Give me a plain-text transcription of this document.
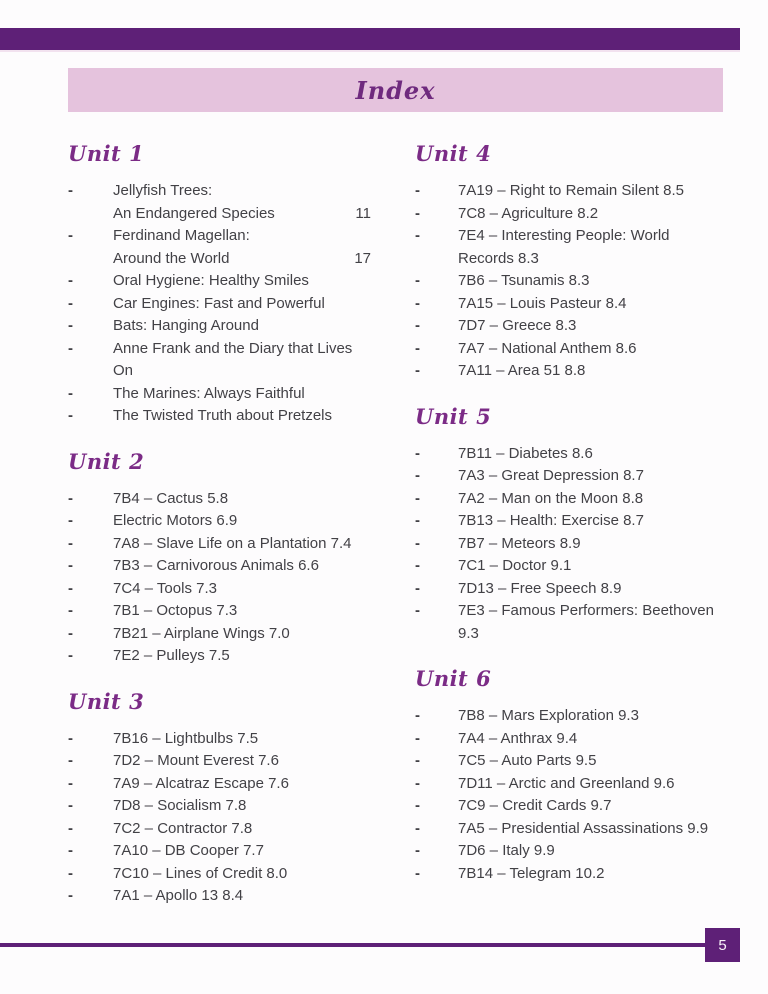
Index
Unit 1
-	Jellyfish Trees:
An Endangered Species	11
-	Ferdinand Magellan:
Around the World	17
-	Oral Hygiene: Healthy Smiles
-	Car Engines: Fast and Powerful
-	Bats: Hanging Around
-	Anne Frank and the Diary that Lives On
-	The Marines: Always Faithful
-	The Twisted Truth about Pretzels
Unit 2
-	7B4 – Cactus 5.8
-	Electric Motors 6.9
-	7A8 – Slave Life on a Plantation 7.4
-	7B3 – Carnivorous Animals 6.6
-	7C4 – Tools 7.3
-	7B1 – Octopus 7.3
-	7B21 – Airplane Wings 7.0
-	7E2 – Pulleys 7.5
Unit 3
-	7B16 – Lightbulbs 7.5
-	7D2 – Mount Everest 7.6
-	7A9 – Alcatraz Escape 7.6
-	7D8 – Socialism 7.8
-	7C2 – Contractor 7.8
-	7A10 – DB Cooper 7.7
-	7C10 – Lines of Credit 8.0
-	7A1 – Apollo 13 8.4
Unit 4
-	7A19 – Right to Remain Silent 8.5
-	7C8 – Agriculture 8.2
-	7E4 – Interesting People: World Records 8.3
-	7B6 – Tsunamis 8.3
-	7A15 – Louis Pasteur 8.4
-	7D7 – Greece 8.3
-	7A7 – National Anthem 8.6
-	7A11 – Area 51 8.8
Unit 5
-	7B11 – Diabetes 8.6
-	7A3 – Great Depression 8.7
-	7A2 – Man on the Moon 8.8
-	7B13 – Health: Exercise 8.7
-	7B7 – Meteors 8.9
-	7C1 – Doctor 9.1
-	7D13 – Free Speech 8.9
-	7E3 – Famous Performers: Beethoven 9.3
Unit 6
-	7B8 – Mars Exploration 9.3
-	7A4 – Anthrax 9.4
-	7C5 – Auto Parts 9.5
-	7D11 – Arctic and Greenland 9.6
-	7C9 – Credit Cards 9.7
-	7A5 – Presidential Assassinations 9.9
-	7D6 – Italy 9.9
-	7B14 – Telegram 10.2
5
